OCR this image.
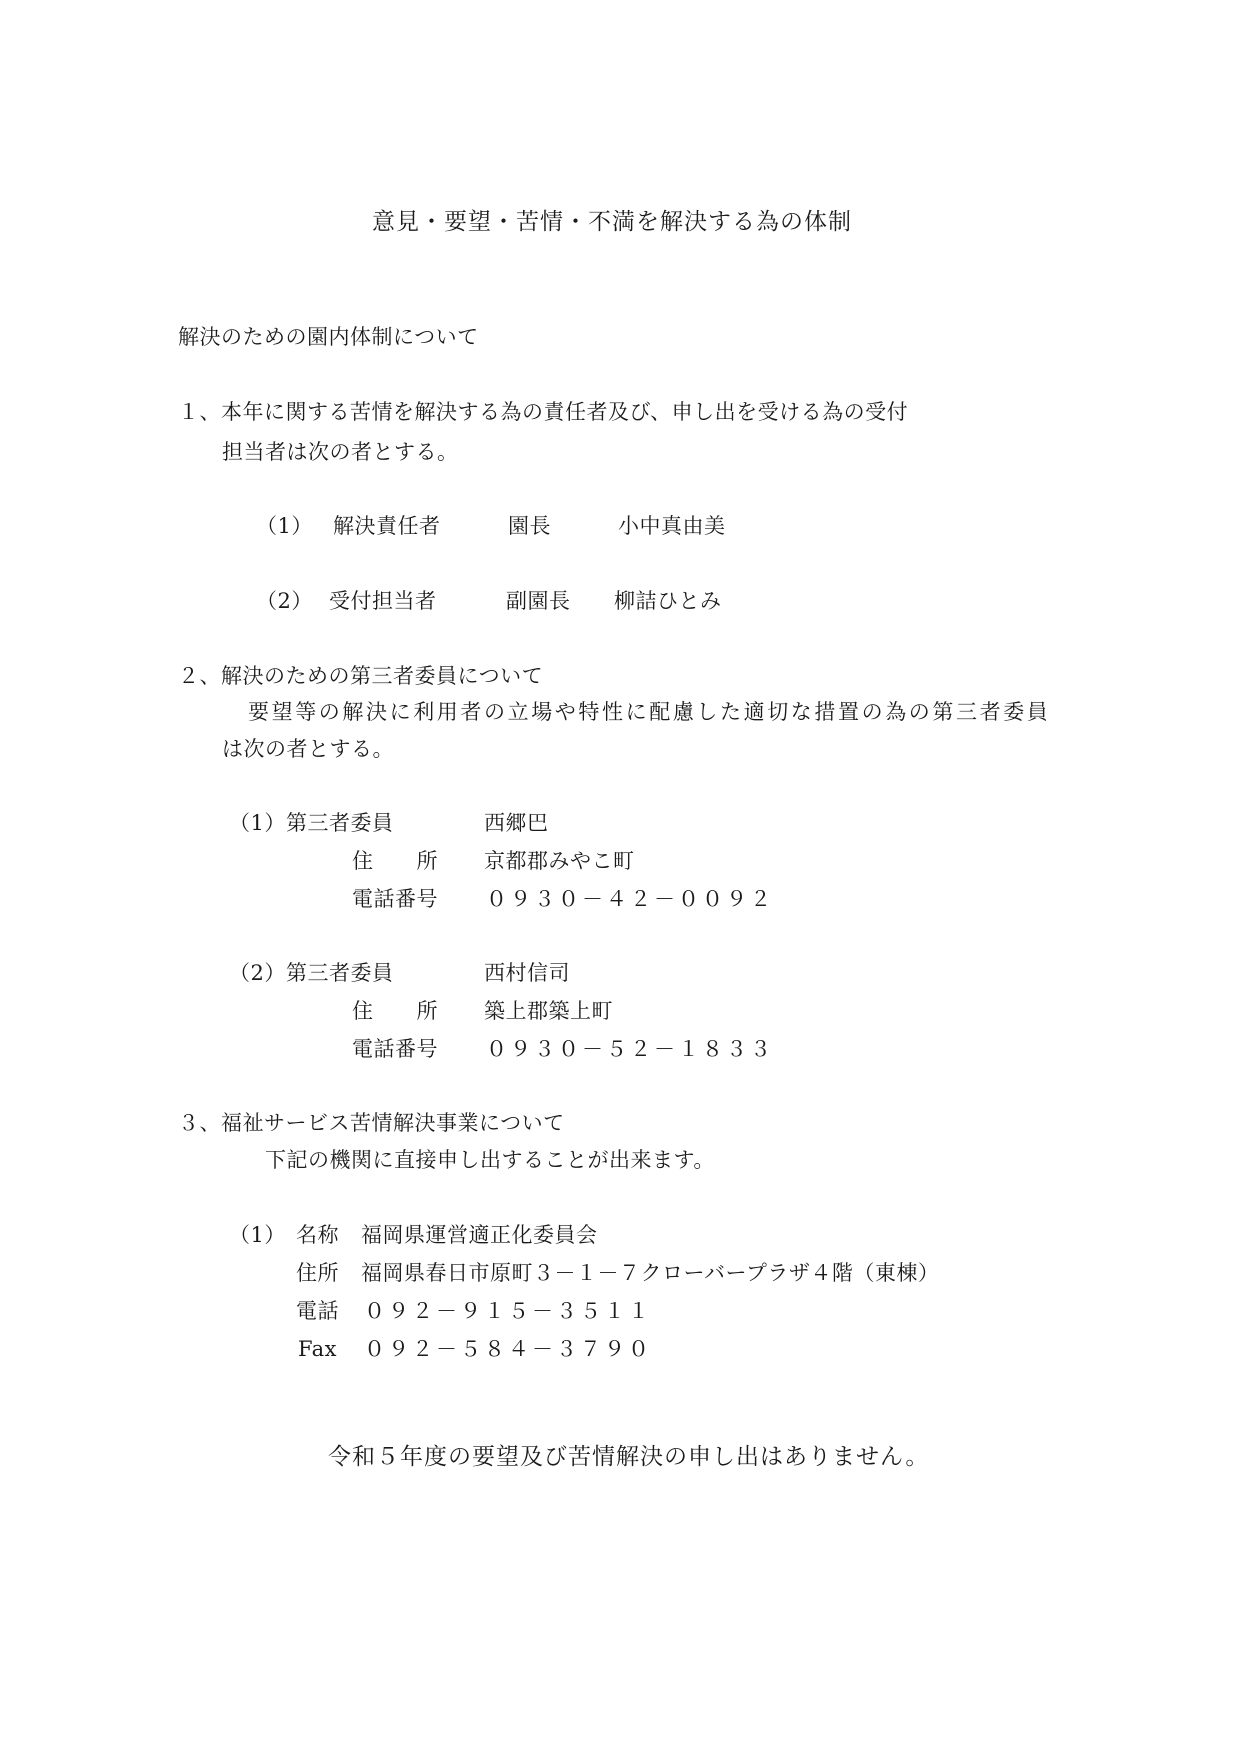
意見・要望・苦情・不満を解決する為の体制
解決のための園内体制について
１、本年に関する苦情を解決する為の責任者及び、申し出を受ける為の受付
担当者は次の者とする。
（1） 解決責任者	園長	小中真由美
（2） 受付担当者	副園長 柳詰ひとみ
２、解決のための第三者委員について
要望等の解決に利用者の立場や特性に配慮した適切な措置の為の第三者委員
は次の者とする。
（1） 第三者委員	西郷巴
住　　所 京都郡みやこ町
電話番号 ０９３０－４２－００９２
（2） 第三者委員	西村信司
住　　所 築上郡築上町
電話番号 ０９３０－５２－１８３３
３、福祉サービス苦情解決事業について
下記の機関に直接申し出することが出来ます。
（1） 名称 福岡県運営適正化委員会
住所 福岡県春日市原町３－１－７クローバープラザ４階（東棟）
電話 ０９２－９１５－３５１１
Fax ０９２－５８４－３７９０
令和５年度の要望及び苦情解決の申し出はありません。
